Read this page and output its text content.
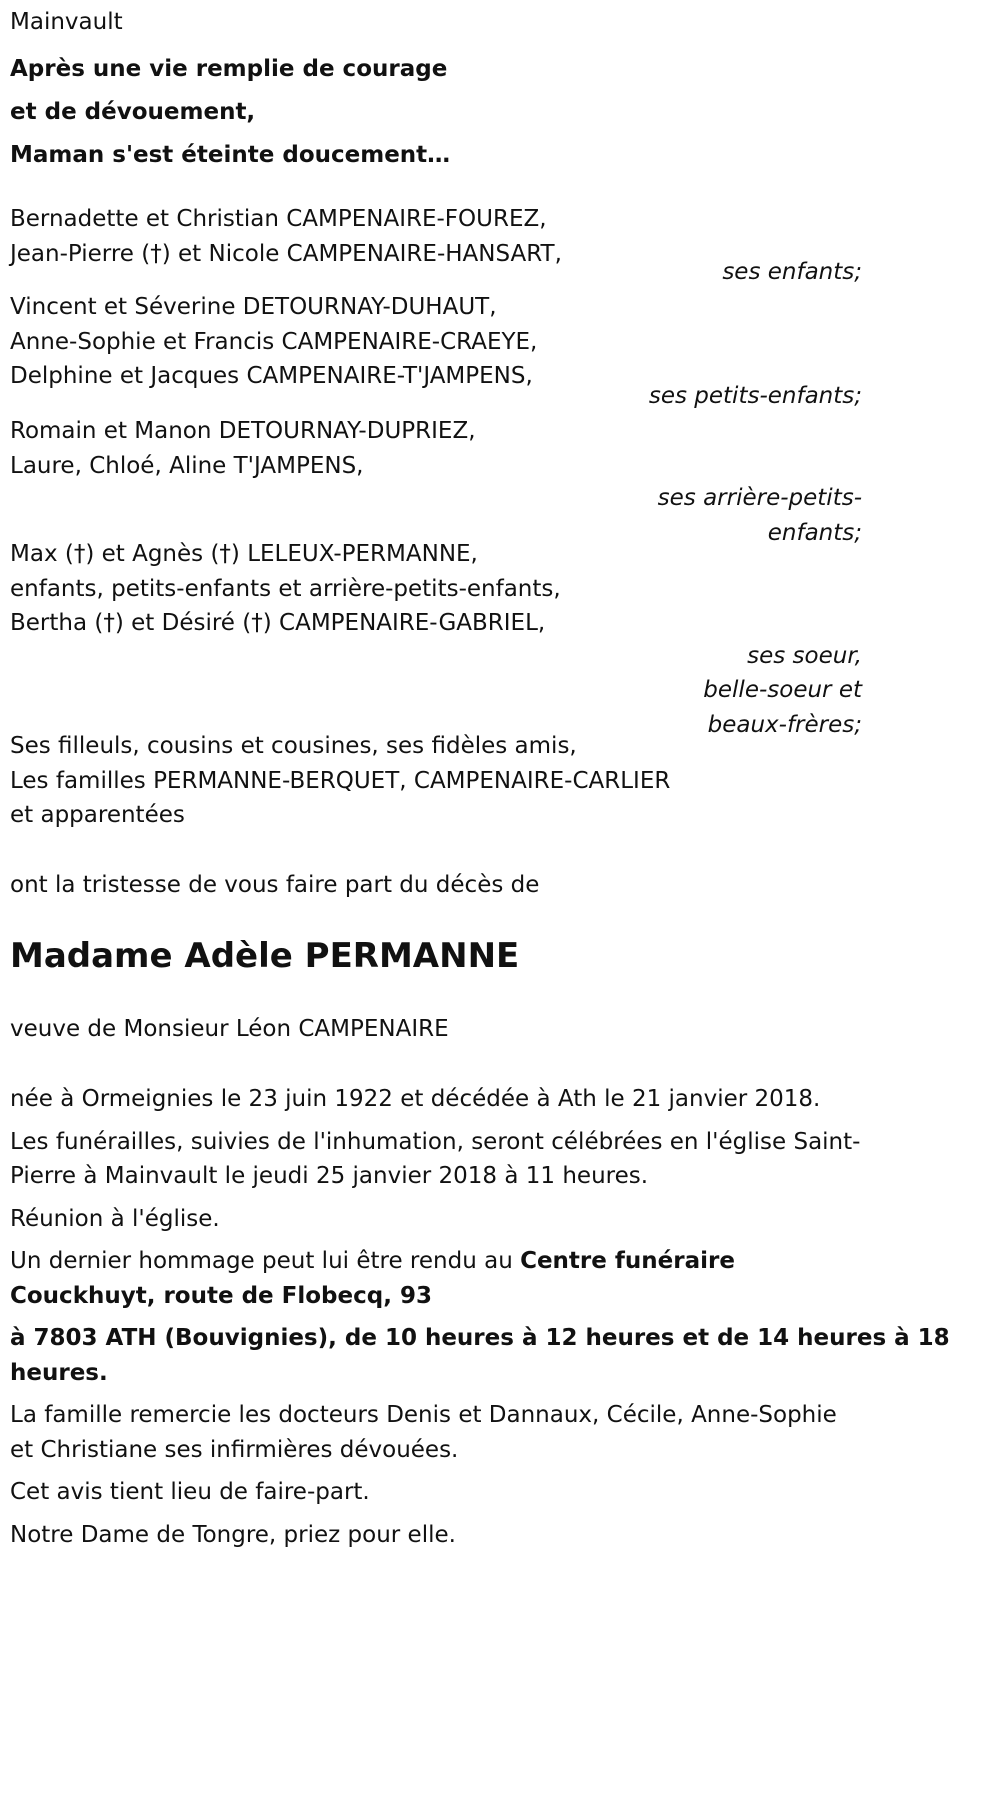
Mainvault
Après une vie remplie de courage
et de dévouement,
Maman s'est éteinte doucement…
Bernadette et Christian CAMPENAIRE-FOUREZ,
Jean-Pierre (†) et Nicole CAMPENAIRE-HANSART,
ses enfants;
Vincent et Séverine DETOURNAY-DUHAUT,
Anne-Sophie et Francis CAMPENAIRE-CRAEYE,
Delphine et Jacques CAMPENAIRE-T'JAMPENS,
ses petits-enfants;
Romain et Manon DETOURNAY-DUPRIEZ,
Laure, Chloé, Aline T'JAMPENS,
ses arrière-petits-
enfants;
Max (†) et Agnès (†) LELEUX-PERMANNE,
enfants, petits-enfants et arrière-petits-enfants,
Bertha (†) et Désiré (†) CAMPENAIRE-GABRIEL,
ses soeur,
belle-soeur et
beaux-frères;
Ses filleuls, cousins et cousines, ses fidèles amis,
Les familles PERMANNE-BERQUET, CAMPENAIRE-CARLIER
et apparentées
ont la tristesse de vous faire part du décès de
Madame Adèle PERMANNE
veuve de Monsieur Léon CAMPENAIRE
née à Ormeignies le 23 juin 1922 et décédée à Ath le 21 janvier 2018.
Les funérailles, suivies de l'inhumation, seront célébrées en l'église Saint-
Pierre à Mainvault le jeudi 25 janvier 2018 à 11 heures.
Réunion à l'église.
Un dernier hommage peut lui être rendu au Centre funéraire
Couckhuyt, route de Flobecq, 93
à 7803 ATH (Bouvignies), de 10 heures à 12 heures et de 14 heures à 18
heures.
La famille remercie les docteurs Denis et Dannaux, Cécile, Anne-Sophie
et Christiane ses infirmières dévouées.
Cet avis tient lieu de faire-part.
Notre Dame de Tongre, priez pour elle.
